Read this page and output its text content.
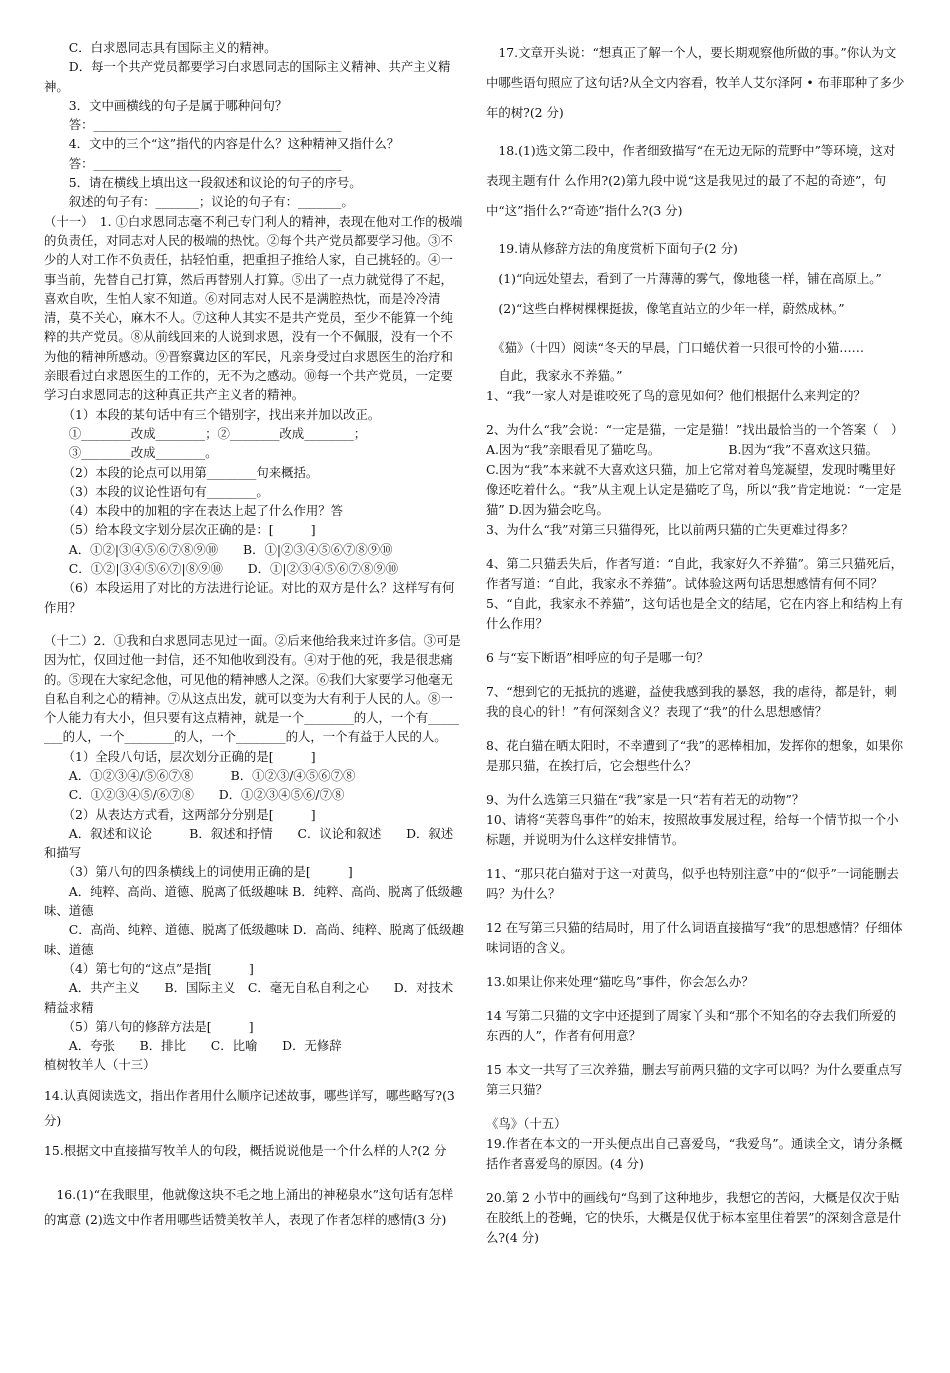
　　C．白求恩同志具有国际主义的精神。

　　D．每一个共产党员都要学习白求恩同志的国际主义精神、共产主义精神。

　　3．文中画横线的句子是属于哪种问句？

　　答：________________________________________

　　4．文中的三个“这”指代的内容是什么？这种精神又指什么？

　　答：________________________________________

　　5．请在横线上填出这一段叙述和议论的句子的序号。

　　叙述的句子有：_______；议论的句子有：_______。

（十一）　1. ①白求恩同志毫不利己专门利人的精神，表现在他对工作的极端的负责任，对同志对人民的极端的热忱。②每个共产党员都要学习他。③不少的人对工作不负责任，拈轻怕重，把重担子推给人家，自己挑轻的。④一事当前，先替自己打算，然后再替别人打算。⑤出了一点力就觉得了不起，喜欢自吹，生怕人家不知道。⑥对同志对人民不是满腔热忱，而是冷冷清清，莫不关心，麻木不人。⑦这种人其实不是共产党员，至少不能算一个纯粹的共产党员。⑧从前线回来的人说到求恩，没有一个不佩服，没有一个不为他的精神所感动。⑨晋察冀边区的军民，凡亲身受过白求恩医生的治疗和亲眼看过白求恩医生的工作的，无不为之感动。⑩每一个共产党员，一定要学习白求恩同志的这种真正共产主义者的精神。

　　（1）本段的某句话中有三个错别字，找出来并加以改正。

　　①________改成________；②________改成________；

　　③________改成________。

　　（2）本段的论点可以用第________句来概括。

　　（3）本段的议论性语句有________。

　　（4）本段中的加粗的字在表达上起了什么作用？答

　　（5）给本段文字划分层次正确的是：[　　　]

　　A．①②|③④⑤⑥⑦⑧⑨⑩　　B．①|②③④⑤⑥⑦⑧⑨⑩

　　C．①②|③④⑤⑥⑦|⑧⑨⑩　　D．①|②③④⑤⑥⑦⑧⑨⑩

　　（6）本段运用了对比的方法进行论证。对比的双方是什么？这样写有何作用？

（十二）2．①我和白求恩同志见过一面。②后来他给我来过许多信。③可是因为忙，仅回过他一封信，还不知他收到没有。④对于他的死，我是很悲痛的。⑤现在大家纪念他，可见他的精神感人之深。⑥我们大家要学习他毫无自私自利之心的精神。⑦从这点出发，就可以变为大有利于人民的人。⑧一个人能力有大小，但只要有这点精神，就是一个________的人，一个有________的人，一个________的人，一个________的人，一个有益于人民的人。

　　（1）全段八句话，层次划分正确的是[　　　]

　　A．①②③④/⑤⑥⑦⑧　　　B．①②③/④⑤⑥⑦⑧

　　C．①②③④⑤/⑥⑦⑧　　D．①②③④⑤⑥/⑦⑧

　　（2）从表达方式看，这两部分分别是[　　　]

　　A．叙述和议论　　　B．叙述和抒情　　C．议论和叙述　　D．叙述和描写

　　（3）第八句的四条横线上的词使用正确的是[　　　]

　　A．纯粹、高尚、道德、脱离了低级趣味 B．纯粹、高尚、脱离了低级趣味、道德

　　C．高尚、纯粹、道德、脱离了低级趣味 D．高尚、纯粹、脱离了低级趣味、道德

　　（4）第七句的“这点”是指[　　　]

　　A．共产主义　　B．国际主义　C．毫无自私自利之心　　D．对技术精益求精

　　（5）第八句的修辞方法是[　　　]

　　A．夸张　　B．排比　　C．比喻　　D．无修辞

植树牧羊人（十三）

14.认真阅读选文，指出作者用什么顺序记述故事，哪些详写，哪些略写?(3分)

15.根据文中直接描写牧羊人的句段，概括说说他是一个什么样的人?(2 分

　16.(1)“在我眼里，他就像这块不毛之地上涌出的神秘泉水”这句话有怎样的寓意 (2)选文中作者用哪些话赞美牧羊人，表现了作者怎样的感情(3 分)

　17.文章开头说：“想真正了解一个人，要长期观察他所做的事。”你认为文中哪些语句照应了这句话?从全文内容看，牧羊人艾尔泽阿 • 布菲耶种了多少年的树?(2 分)

　18.(1)选文第二段中，作者细致描写“在无边无际的荒野中”等环境，这对表现主题有什 么作用?(2)第九段中说“这是我见过的最了不起的奇迹”，句中“这”指什么?“奇迹”指什么?(3 分)

　19.请从修辞方法的角度赏析下面句子(2 分)

　(1)“向远处望去，看到了一片薄薄的雾气，像地毯一样，铺在高原上。”

　(2)“这些白桦树棵棵挺拔，像笔直站立的少年一样，蔚然成林。”

　《猫》（十四）阅读“冬天的早晨，门口蜷伏着一只很可怜的小猫……

　自此，我家永不养猫。”

1、“我”一家人对是谁咬死了鸟的意见如何？他们根据什么来判定的？

2、为什么“我”会说：“一定是猫，一定是猫！”找出最恰当的一个答案（　）

A.因为“我”亲眼看见了猫吃鸟。　　　　　　B.因为“我”不喜欢这只猫。

C.因为“我”本来就不大喜欢这只猫，加上它常对着鸟笼凝望，发现时嘴里好像还吃着什么。“我”从主观上认定是猫吃了鸟，所以“我”肯定地说：“一定是猫” D.因为猫会吃鸟。

3、为什么“我”对第三只猫得死，比以前两只猫的亡失更难过得多？

4、第二只猫丢失后，作者写道：“自此，我家好久不养猫”。第三只猫死后，作者写道：“自此，我家永不养猫”。试体验这两句话思想感情有何不同？

5、“自此，我家永不养猫”，这句话也是全文的结尾，它在内容上和结构上有什么作用？

6 与“妄下断语”相呼应的句子是哪一句？

7、“想到它的无抵抗的逃避，益使我感到我的暴怒，我的虐待，都是针，刺我的良心的针！”有何深刻含义？表现了“我”的什么思想感情？

8、花白猫在晒太阳时，不幸遭到了“我”的恶棒相加，发挥你的想象，如果你是那只猫，在挨打后，它会想些什么？

9、为什么选第三只猫在“我”家是一只“若有若无的动物”？

10、请将“芙蓉鸟事件”的始末，按照故事发展过程，给每一个情节拟一个小标题，并说明为什么这样安排情节。

11、“那只花白猫对于这一对黄鸟，似乎也特别注意”中的“似乎”一词能删去吗？为什么？

12 在写第三只猫的结局时，用了什么词语直接描写“我”的思想感情？仔细体味词语的含义。

13.如果让你来处理“猫吃鸟”事件，你会怎么办？

14 写第二只猫的文字中还提到了周家丫头和“那个不知名的夺去我们所爱的东西的人”，作者有何用意？

15 本文一共写了三次养猫，删去写前两只猫的文字可以吗？为什么要重点写第三只猫？

《鸟》（十五）

19.作者在本文的一开头便点出自己喜爱鸟，“我爱鸟”。通读全文，请分条概括作者喜爱鸟的原因。(4 分)

20.第 2 小节中的画线句“鸟到了这种地步，我想它的苦闷，大概是仅次于贴在胶纸上的苍蝇，它的快乐，大概是仅优于标本室里住着罢”的深刻含意是什么?(4 分)
